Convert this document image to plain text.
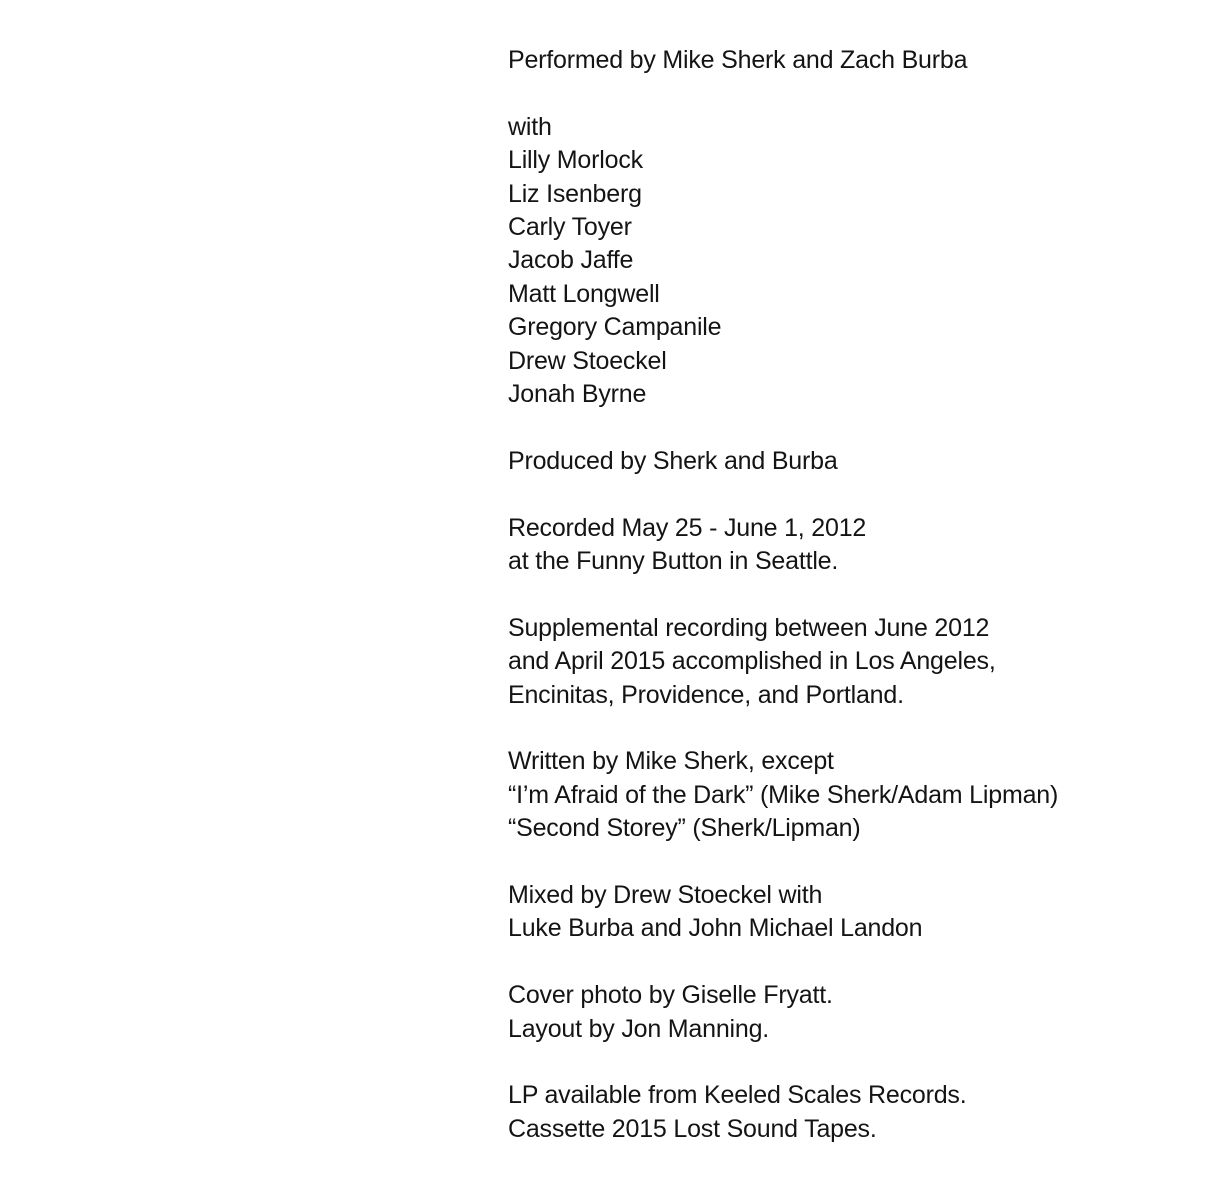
Performed by Mike Sherk and Zach Burba
with
Lilly Morlock
Liz Isenberg
Carly Toyer
Jacob Jaffe
Matt Longwell
Gregory Campanile
Drew Stoeckel
Jonah Byrne
Produced by Sherk and Burba
Recorded May 25 - June 1, 2012
at the Funny Button in Seattle.
Supplemental recording between June 2012
and April 2015 accomplished in Los Angeles,
Encinitas, Providence, and Portland.
Written by Mike Sherk, except
“I’m Afraid of the Dark” (Mike Sherk/Adam Lipman)
“Second Storey” (Sherk/Lipman)
Mixed by Drew Stoeckel with
Luke Burba and John Michael Landon
Cover photo by Giselle Fryatt.
Layout by Jon Manning.
LP available from Keeled Scales Records.
Cassette 2015 Lost Sound Tapes.
